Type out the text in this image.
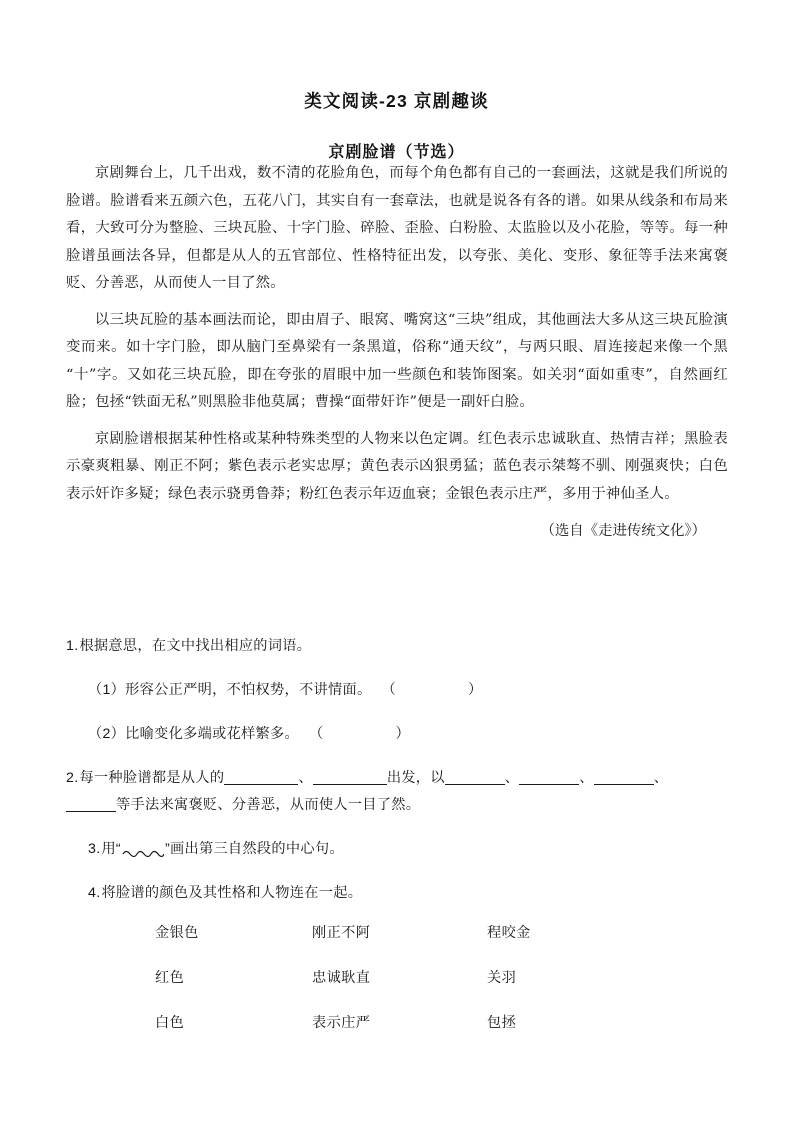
类文阅读-23 京剧趣谈
京剧脸谱（节选）

京剧舞台上，几千出戏，数不清的花脸角色，而每个角色都有自己的一套画法，这就是我们所说的脸谱。脸谱看来五颜六色，五花八门，其实自有一套章法，也就是说各有各的谱。如果从线条和布局来看，大致可分为整脸、三块瓦脸、十字门脸、碎脸、歪脸、白粉脸、太监脸以及小花脸，等等。每一种脸谱虽画法各异，但都是从人的五官部位、性格特征出发，以夸张、美化、变形、象征等手法来寓褒贬、分善恶，从而使人一目了然。

以三块瓦脸的基本画法而论，即由眉子、眼窝、嘴窝这“三块”组成，其他画法大多从这三块瓦脸演变而来。如十字门脸，即从脑门至鼻梁有一条黑道，俗称“通天纹”，与两只眼、眉连接起来像一个黑“十”字。又如花三块瓦脸，即在夸张的眉眼中加一些颜色和装饰图案。如关羽“面如重枣”，自然画红脸；包拯“铁面无私”则黑脸非他莫属；曹操“面带奸诈”便是一副奸白脸。

京剧脸谱根据某种性格或某种特殊类型的人物来以色定调。红色表示忠诚耿直、热情吉祥；黑脸表示豪爽粗暴、刚正不阿；紫色表示老实忠厚；黄色表示凶狠勇猛；蓝色表示桀骜不驯、刚强爽快；白色表示奸诈多疑；绿色表示骁勇鲁莽；粉红色表示年迈血衰；金银色表示庄严，多用于神仙圣人。

（选自《走进传统文化》）

1.根据意思，在文中找出相应的词语。

（1）形容公正严明，不怕权势，不讲情面。 （	）

（2）比喻变化多端或花样繁多。 （	）

2.每一种脸谱都是从人的	、	出发，以	、	、	、

等手法来寓褒贬、分善恶，从而使人一目了然。

3.用“	”画出第三自然段的中心句。

4.将脸谱的颜色及其性格和人物连在一起。

金银色	刚正不阿	程咬金
红色	忠诚耿直	关羽
白色	表示庄严	包拯
